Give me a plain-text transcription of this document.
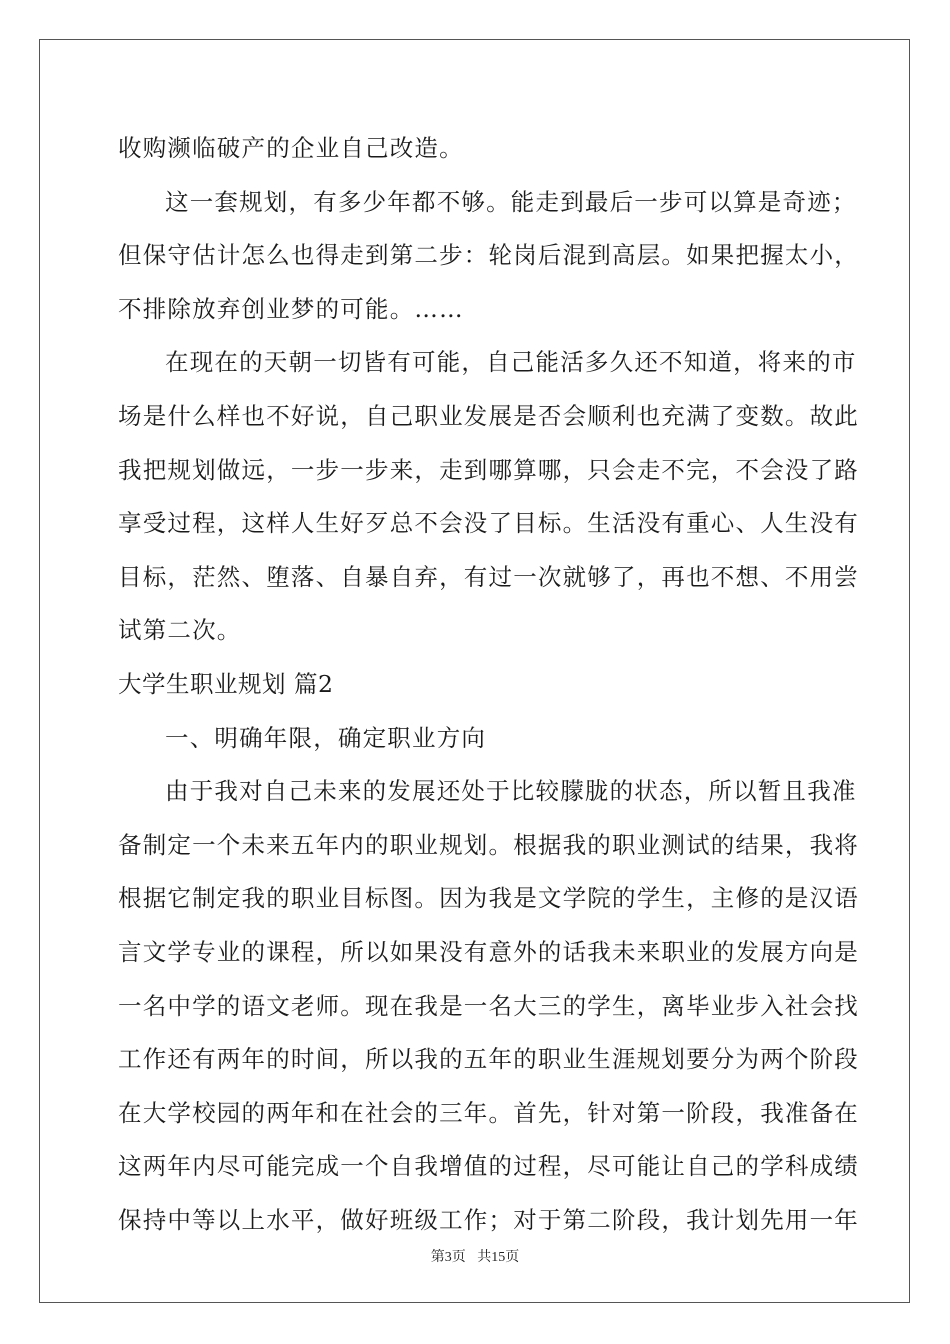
收购濒临破产的企业自己改造。

这一套规划，有多少年都不够。能走到最后一步可以算是奇迹；

但保守估计怎么也得走到第二步：轮岗后混到高层。如果把握太小，

不排除放弃创业梦的可能。……

在现在的天朝一切皆有可能，自己能活多久还不知道，将来的市

场是什么样也不好说，自己职业发展是否会顺利也充满了变数。故此

我把规划做远，一步一步来，走到哪算哪，只会走不完，不会没了路

享受过程，这样人生好歹总不会没了目标。生活没有重心、人生没有

目标，茫然、堕落、自暴自弃，有过一次就够了，再也不想、不用尝

试第二次。

大学生职业规划 篇2

一、明确年限，确定职业方向

由于我对自己未来的发展还处于比较朦胧的状态，所以暂且我准

备制定一个未来五年内的职业规划。根据我的职业测试的结果，我将

根据它制定我的职业目标图。因为我是文学院的学生，主修的是汉语

言文学专业的课程，所以如果没有意外的话我未来职业的发展方向是

一名中学的语文老师。现在我是一名大三的学生，离毕业步入社会找

工作还有两年的时间，所以我的五年的职业生涯规划要分为两个阶段

在大学校园的两年和在社会的三年。首先，针对第一阶段，我准备在

这两年内尽可能完成一个自我增值的过程，尽可能让自己的学科成绩

保持中等以上水平，做好班级工作；对于第二阶段，我计划先用一年

第3页 共15页
